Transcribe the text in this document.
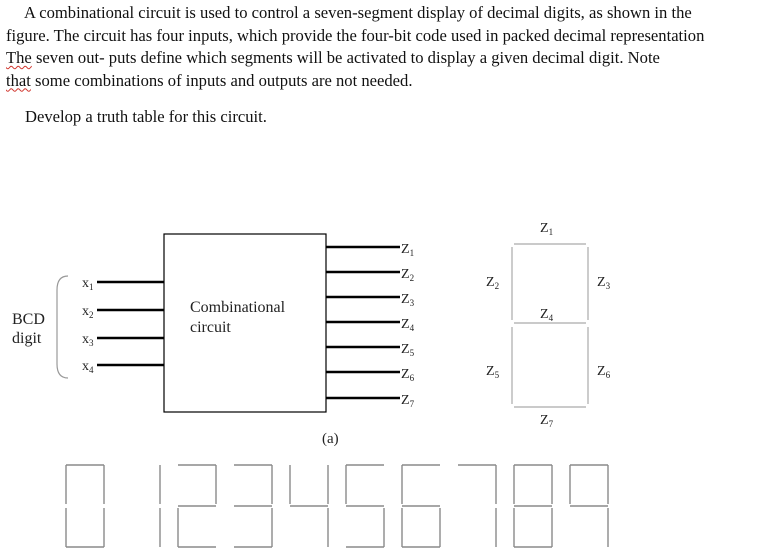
A combinational circuit is used to control a seven-segment display of decimal digits, as shown in the
figure. The circuit has four inputs, which provide the four-bit code used in packed decimal representation
The seven out- puts define which segments will be activated to display a given decimal digit. Note
that some combinations of inputs and outputs are not needed.
Develop a truth table for this circuit.
BCD
digit
$x_1$
$x_2$
$x_3$
$x_4$
Combinational
circuit
$Z_1$
$Z_2$
$Z_3$
$Z_4$
$Z_5$
$Z_6$
$Z_7$
(a)
$Z_1$
$Z_2$	$Z_3$
$Z_4$
$Z_5$	$Z_6$
$Z_7$
